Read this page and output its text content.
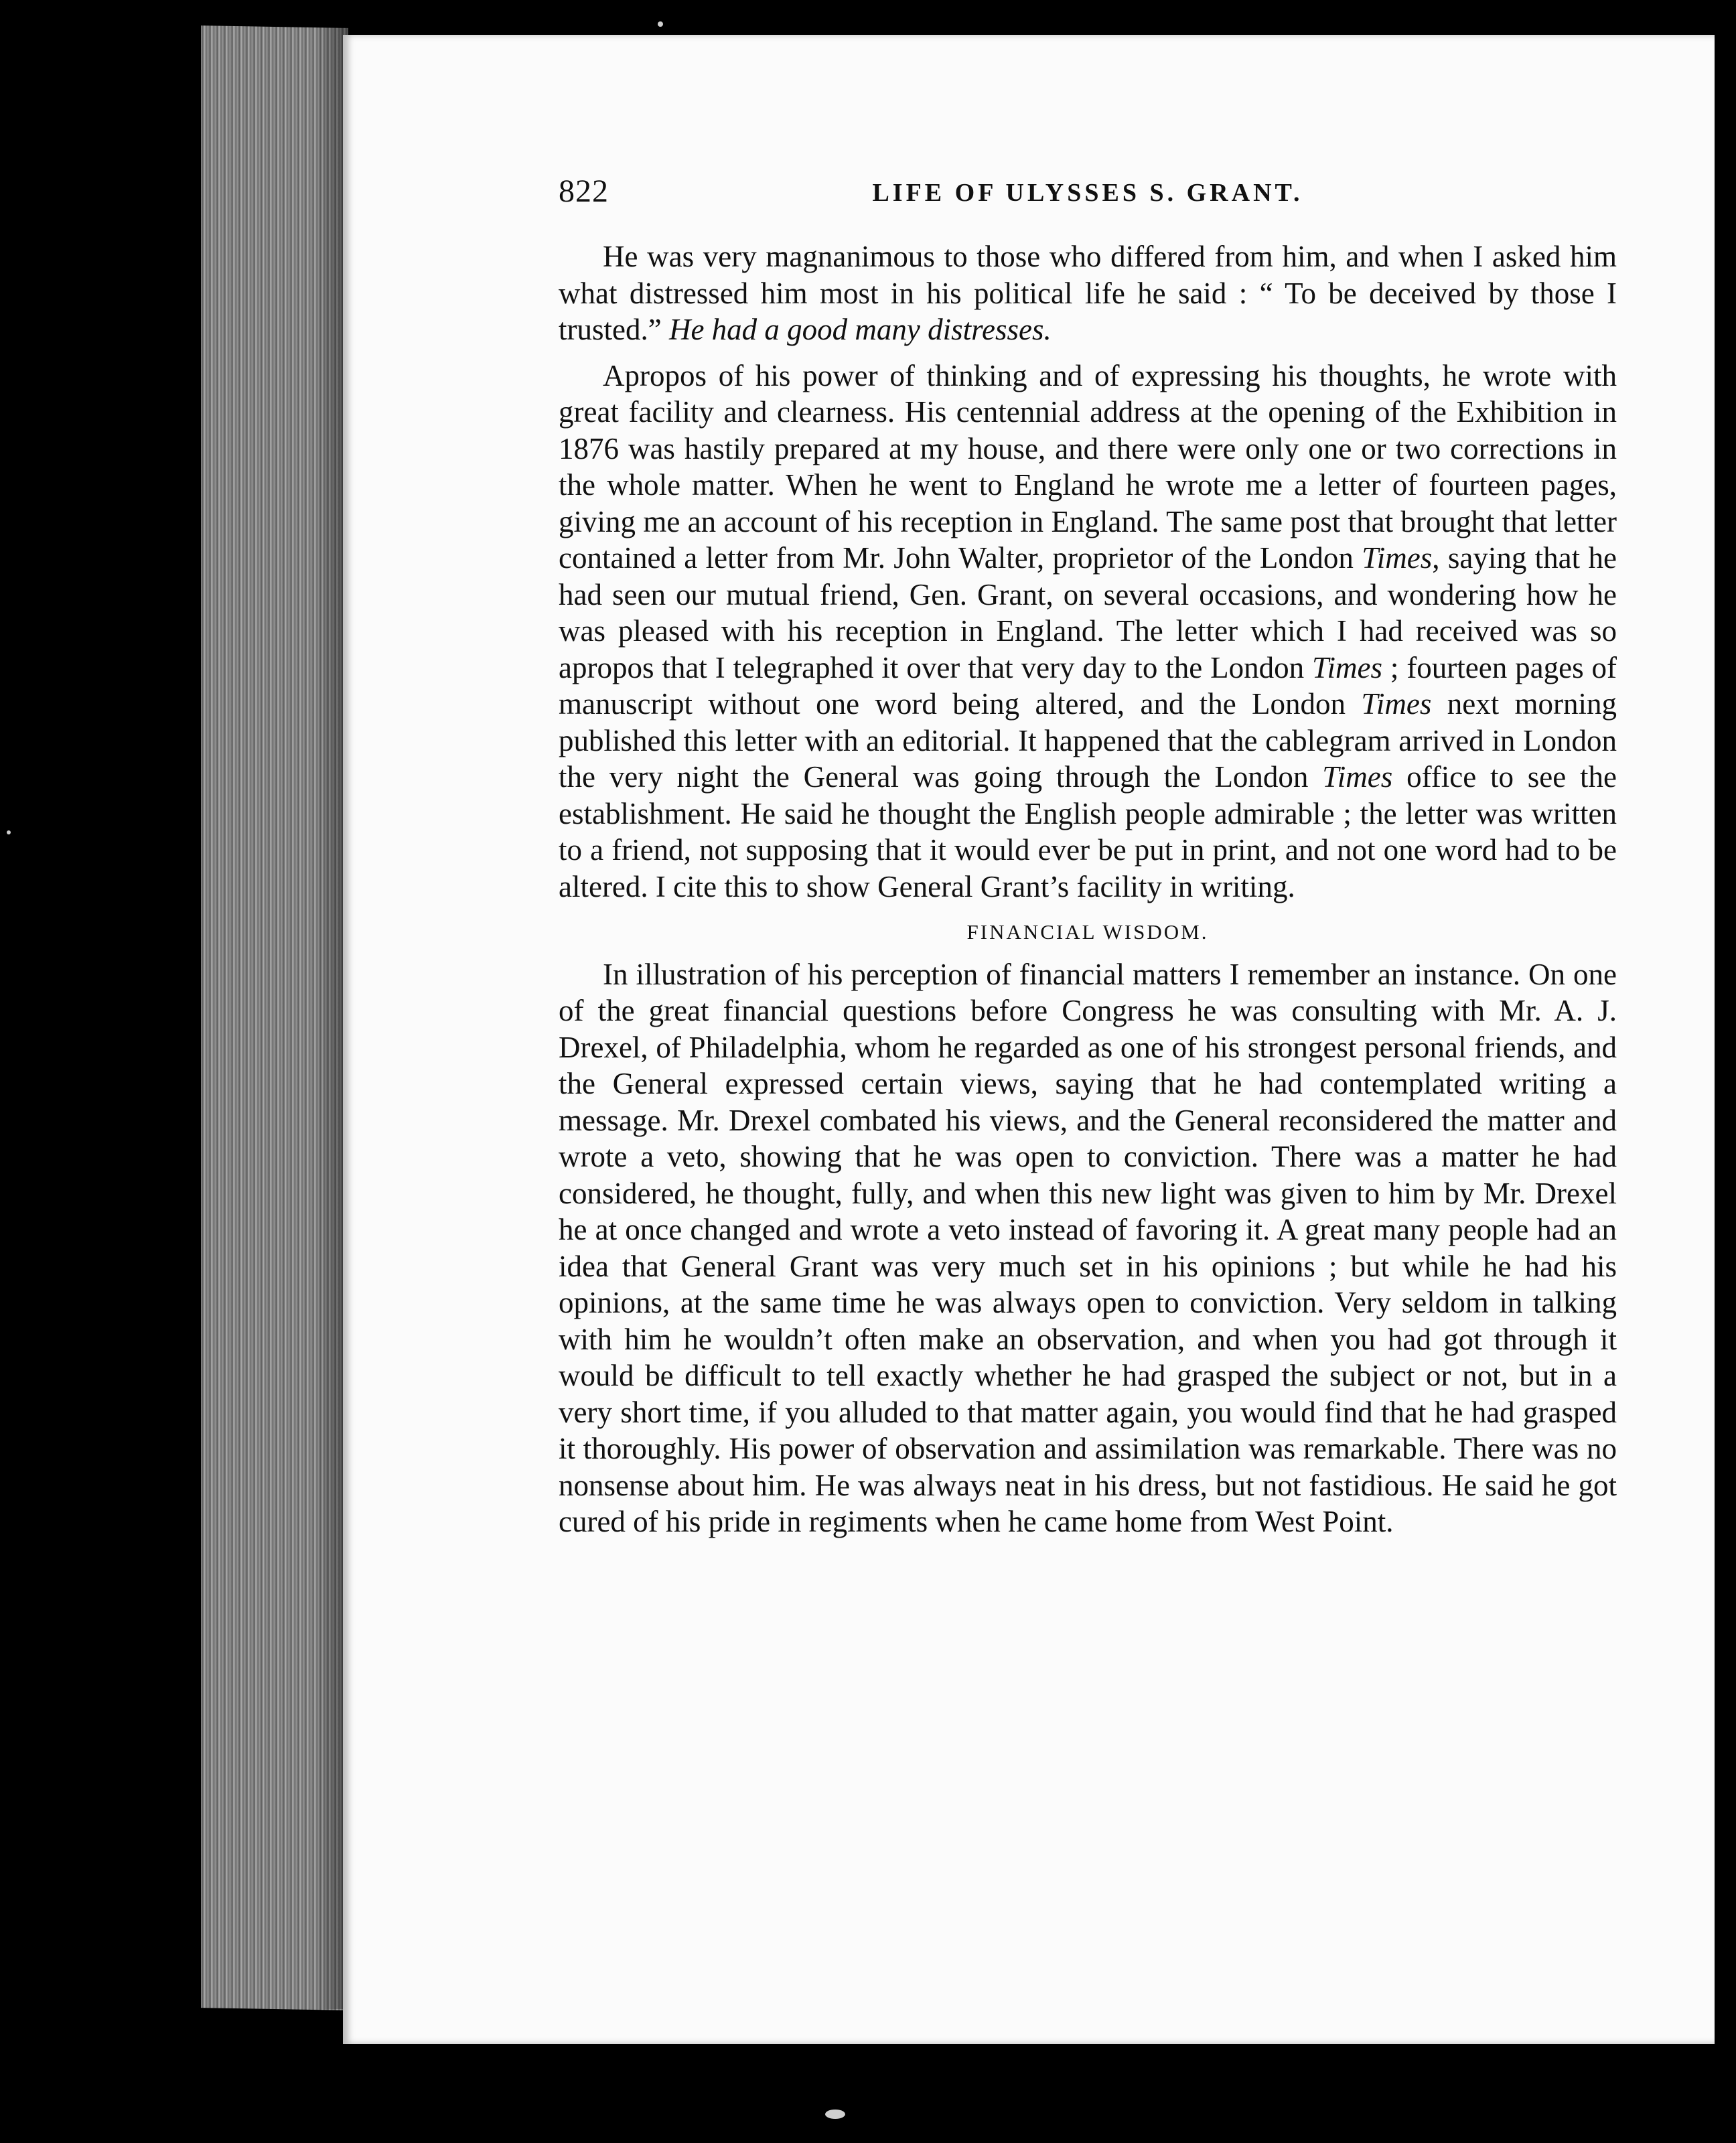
822	LIFE OF ULYSSES S. GRANT.

He was very magnanimous to those who differed from him, and when I asked him what distressed him most in his political life he said : “ To be deceived by those I trusted.” He had a good many distresses.

Apropos of his power of thinking and of expressing his thoughts, he wrote with great facility and clearness. His centennial address at the opening of the Exhibition in 1876 was hastily prepared at my house, and there were only one or two corrections in the whole matter. When he went to England he wrote me a letter of fourteen pages, giving me an account of his reception in England. The same post that brought that letter contained a letter from Mr. John Walter, proprietor of the London Times, saying that he had seen our mutual friend, Gen. Grant, on several occasions, and wondering how he was pleased with his reception in England. The letter which I had received was so apropos that I telegraphed it over that very day to the London Times ; fourteen pages of manuscript without one word being altered, and the London Times next morning published this letter with an editorial. It happened that the cablegram arrived in London the very night the General was going through the London Times office to see the establishment. He said he thought the English people admirable ; the letter was written to a friend, not supposing that it would ever be put in print, and not one word had to be altered. I cite this to show General Grant’s facility in writing.

FINANCIAL WISDOM.

In illustration of his perception of financial matters I remember an instance. On one of the great financial questions before Congress he was consulting with Mr. A. J. Drexel, of Philadelphia, whom he regarded as one of his strongest personal friends, and the General expressed certain views, saying that he had contemplated writing a message. Mr. Drexel combated his views, and the General reconsidered the matter and wrote a veto, showing that he was open to conviction. There was a matter he had considered, he thought, fully, and when this new light was given to him by Mr. Drexel he at once changed and wrote a veto instead of favoring it. A great many people had an idea that General Grant was very much set in his opinions ; but while he had his opinions, at the same time he was always open to conviction. Very seldom in talking with him he wouldn’t often make an observation, and when you had got through it would be difficult to tell exactly whether he had grasped the subject or not, but in a very short time, if you alluded to that matter again, you would find that he had grasped it thoroughly. His power of observation and assimilation was remarkable. There was no nonsense about him. He was always neat in his dress, but not fastidious. He said he got cured of his pride in regiments when he came home from West Point.
